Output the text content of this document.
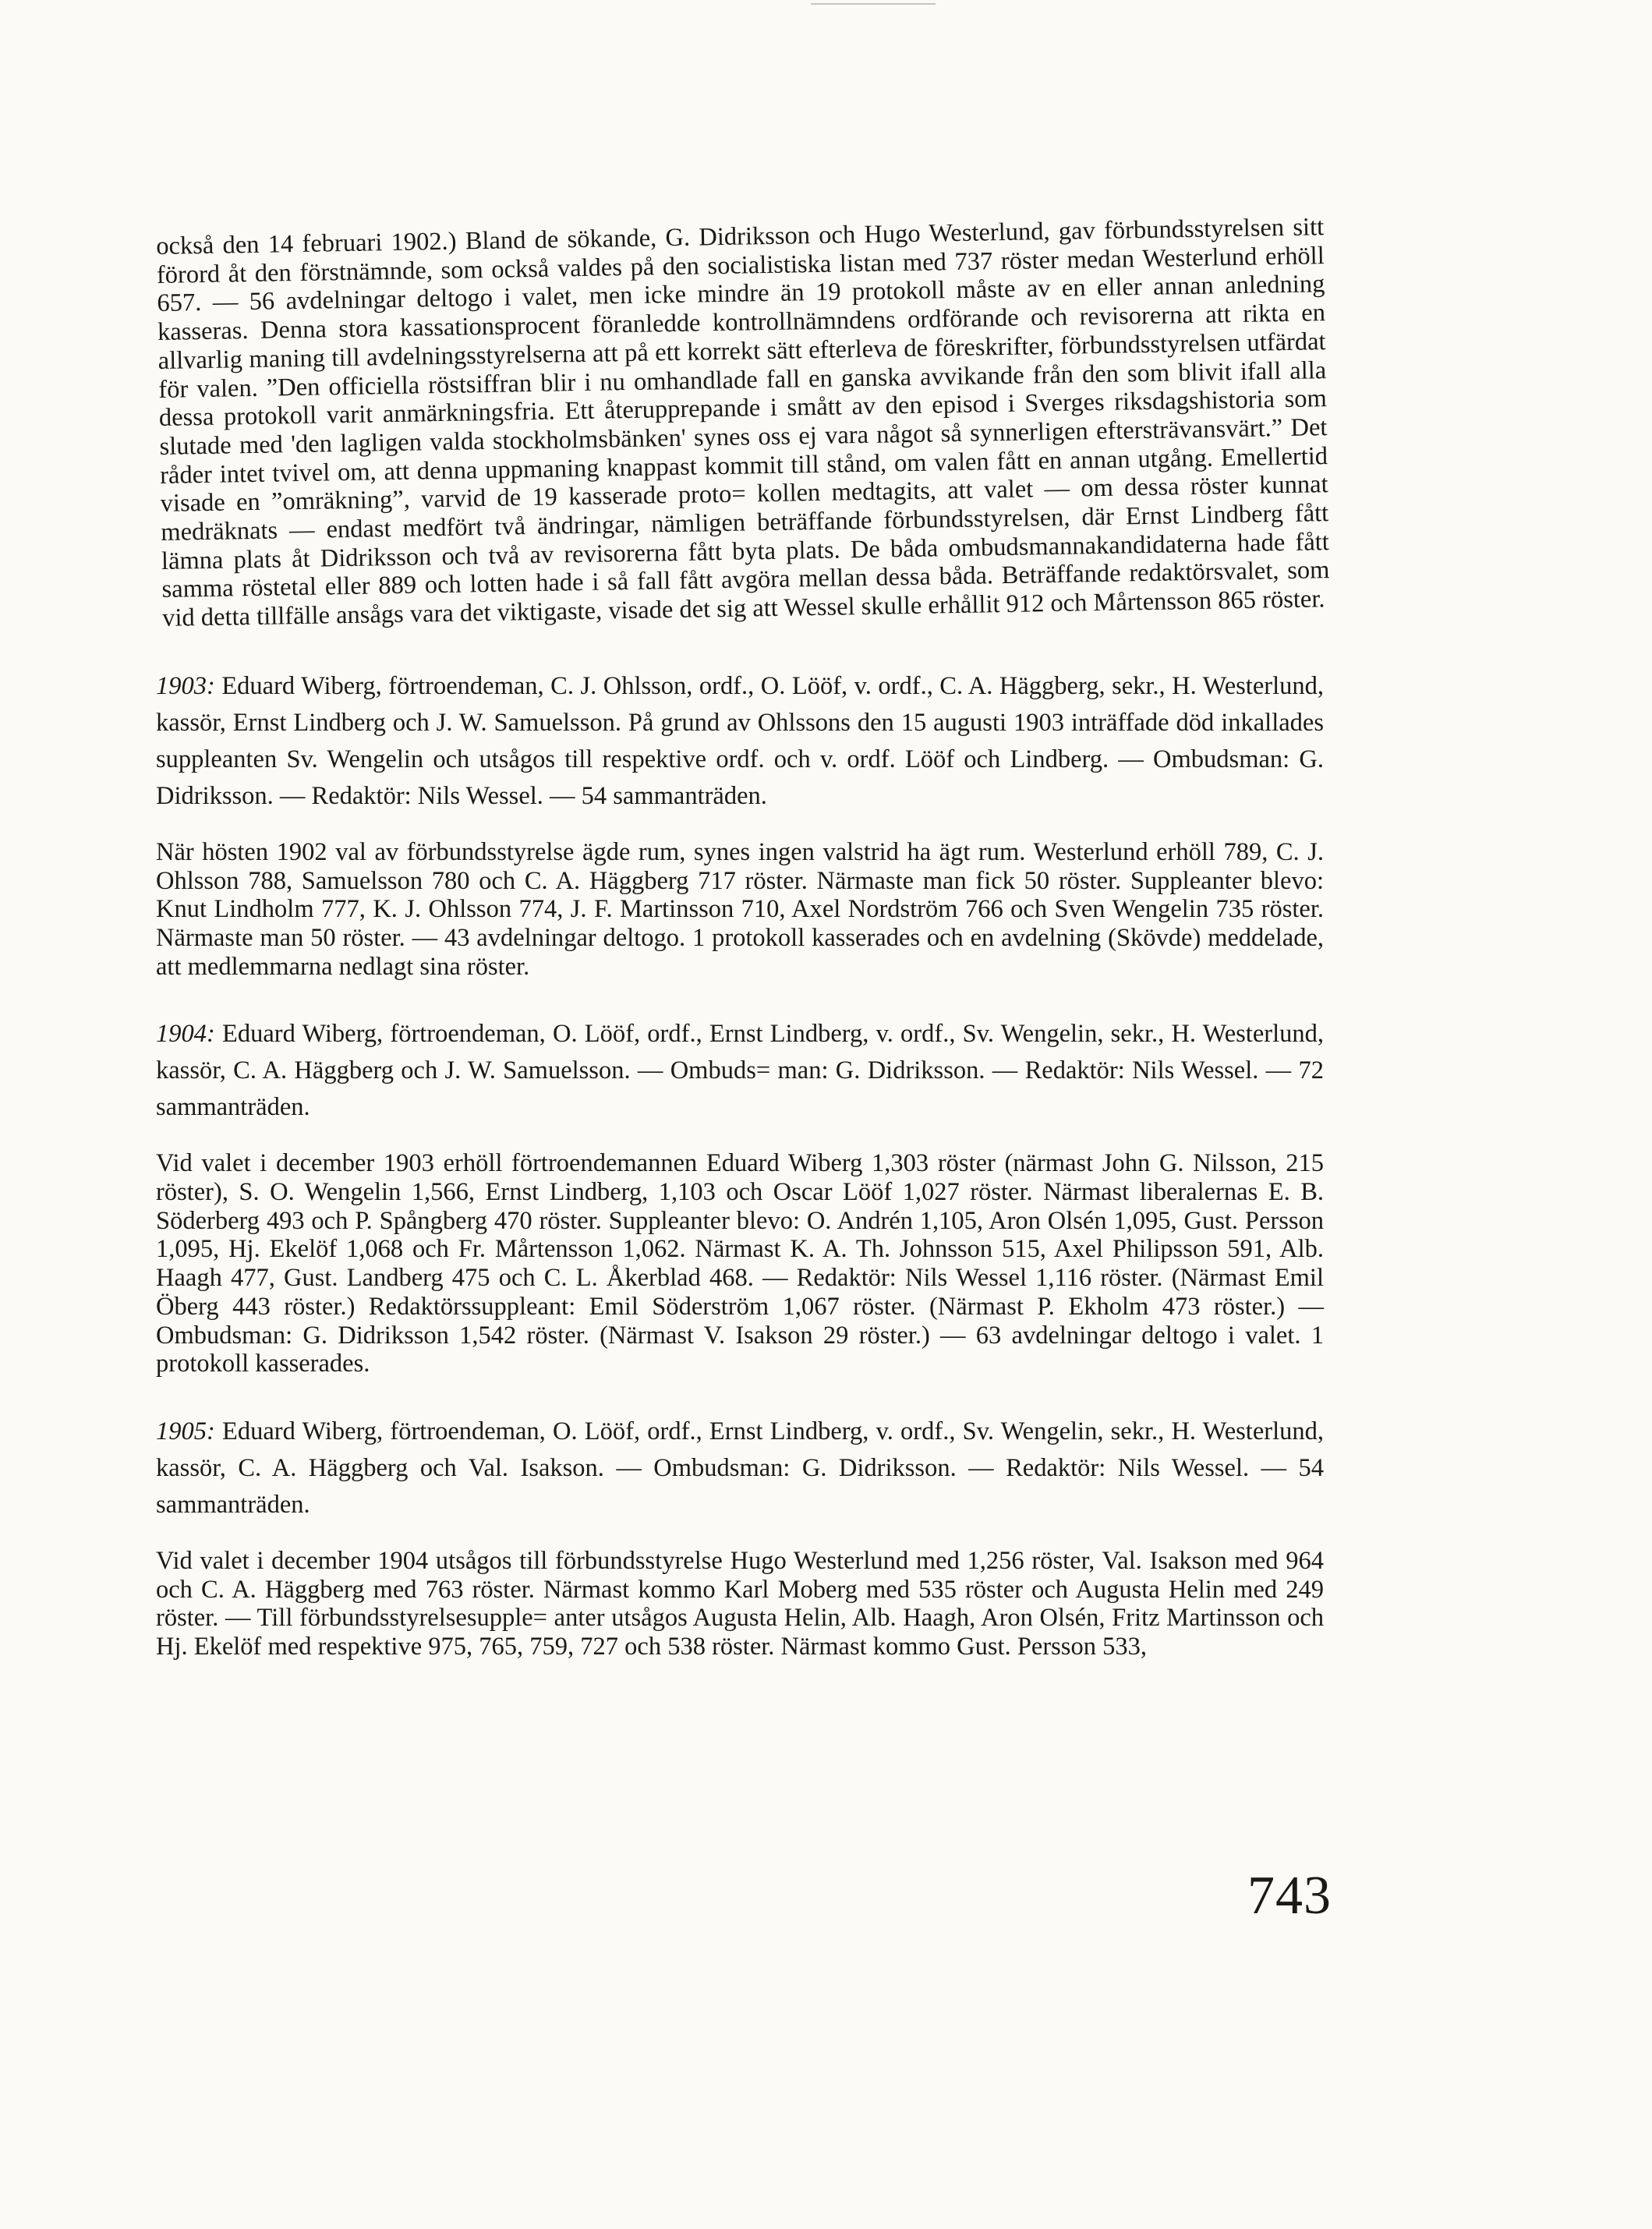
också den 14 februari 1902.) Bland de sökande, G. Didriksson och Hugo Westerlund, gav förbundsstyrelsen sitt förord åt den förstnämnde, som också valdes på den socialistiska listan med 737 röster medan Westerlund erhöll 657. — 56 avdelningar deltogo i valet, men icke mindre än 19 protokoll måste av en eller annan anledning kasseras. Denna stora kassationsprocent föranledde kontrollnämndens ordförande och revisorerna att rikta en allvarlig maning till avdelningsstyrelserna att på ett korrekt sätt efterleva de föreskrifter, förbundsstyrelsen utfärdat för valen. ”Den officiella röstsiffran blir i nu omhandlade fall en ganska avvikande från den som blivit ifall alla dessa protokoll varit anmärkningsfria. Ett återupprepande i smått av den episod i Sverges riksdagshistoria som slutade med 'den lagligen valda stockholmsbänken' synes oss ej vara något så synnerligen eftersträvansvärt.” Det råder intet tvivel om, att denna uppmaning knappast kommit till stånd, om valen fått en annan utgång. Emellertid visade en ”omräkning”, varvid de 19 kasserade proto= kollen medtagits, att valet — om dessa röster kunnat medräknats — endast medfört två ändringar, nämligen beträffande förbundsstyrelsen, där Ernst Lindberg fått lämna plats åt Didriksson och två av revisorerna fått byta plats. De båda ombudsmannakandidaterna hade fått samma röstetal eller 889 och lotten hade i så fall fått avgöra mellan dessa båda. Beträffande redaktörsvalet, som vid detta tillfälle ansågs vara det viktigaste, visade det sig att Wessel skulle erhållit 912 och Mårtensson 865 röster.

1903: Eduard Wiberg, förtroendeman, C. J. Ohlsson, ordf., O. Lööf, v. ordf., C. A. Häggberg, sekr., H. Westerlund, kassör, Ernst Lindberg och J. W. Samuelsson. På grund av Ohlssons den 15 augusti 1903 inträffade död inkallades suppleanten Sv. Wengelin och utsågos till respektive ordf. och v. ordf. Lööf och Lindberg. — Ombudsman: G. Didriksson. — Redaktör: Nils Wessel. — 54 sammanträden.

När hösten 1902 val av förbundsstyrelse ägde rum, synes ingen valstrid ha ägt rum. Westerlund erhöll 789, C. J. Ohlsson 788, Samuelsson 780 och C. A. Häggberg 717 röster. Närmaste man fick 50 röster. Suppleanter blevo: Knut Lindholm 777, K. J. Ohlsson 774, J. F. Martinsson 710, Axel Nordström 766 och Sven Wengelin 735 röster. Närmaste man 50 röster. — 43 avdelningar deltogo. 1 protokoll kasserades och en avdelning (Skövde) meddelade, att medlemmarna nedlagt sina röster.

1904: Eduard Wiberg, förtroendeman, O. Lööf, ordf., Ernst Lindberg, v. ordf., Sv. Wengelin, sekr., H. Westerlund, kassör, C. A. Häggberg och J. W. Samuelsson. — Ombuds= man: G. Didriksson. — Redaktör: Nils Wessel. — 72 sammanträden.

Vid valet i december 1903 erhöll förtroendemannen Eduard Wiberg 1,303 röster (närmast John G. Nilsson, 215 röster), S. O. Wengelin 1,566, Ernst Lindberg, 1,103 och Oscar Lööf 1,027 röster. Närmast liberalernas E. B. Söderberg 493 och P. Spångberg 470 röster. Suppleanter blevo: O. Andrén 1,105, Aron Olsén 1,095, Gust. Persson 1,095, Hj. Ekelöf 1,068 och Fr. Mårtensson 1,062. Närmast K. A. Th. Johnsson 515, Axel Philipsson 591, Alb. Haagh 477, Gust. Landberg 475 och C. L. Åkerblad 468. — Redaktör: Nils Wessel 1,116 röster. (Närmast Emil Öberg 443 röster.) Redaktörssuppleant: Emil Söderström 1,067 röster. (Närmast P. Ekholm 473 röster.) — Ombudsman: G. Didriksson 1,542 röster. (Närmast V. Isakson 29 röster.) — 63 avdelningar deltogo i valet. 1 protokoll kasserades.

1905: Eduard Wiberg, förtroendeman, O. Lööf, ordf., Ernst Lindberg, v. ordf., Sv. Wengelin, sekr., H. Westerlund, kassör, C. A. Häggberg och Val. Isakson. — Ombudsman: G. Didriksson. — Redaktör: Nils Wessel. — 54 sammanträden.

Vid valet i december 1904 utsågos till förbundsstyrelse Hugo Westerlund med 1,256 röster, Val. Isakson med 964 och C. A. Häggberg med 763 röster. Närmast kommo Karl Moberg med 535 röster och Augusta Helin med 249 röster. — Till förbundsstyrelsesupple= anter utsågos Augusta Helin, Alb. Haagh, Aron Olsén, Fritz Martinsson och Hj. Ekelöf med respektive 975, 765, 759, 727 och 538 röster. Närmast kommo Gust. Persson 533,

743
